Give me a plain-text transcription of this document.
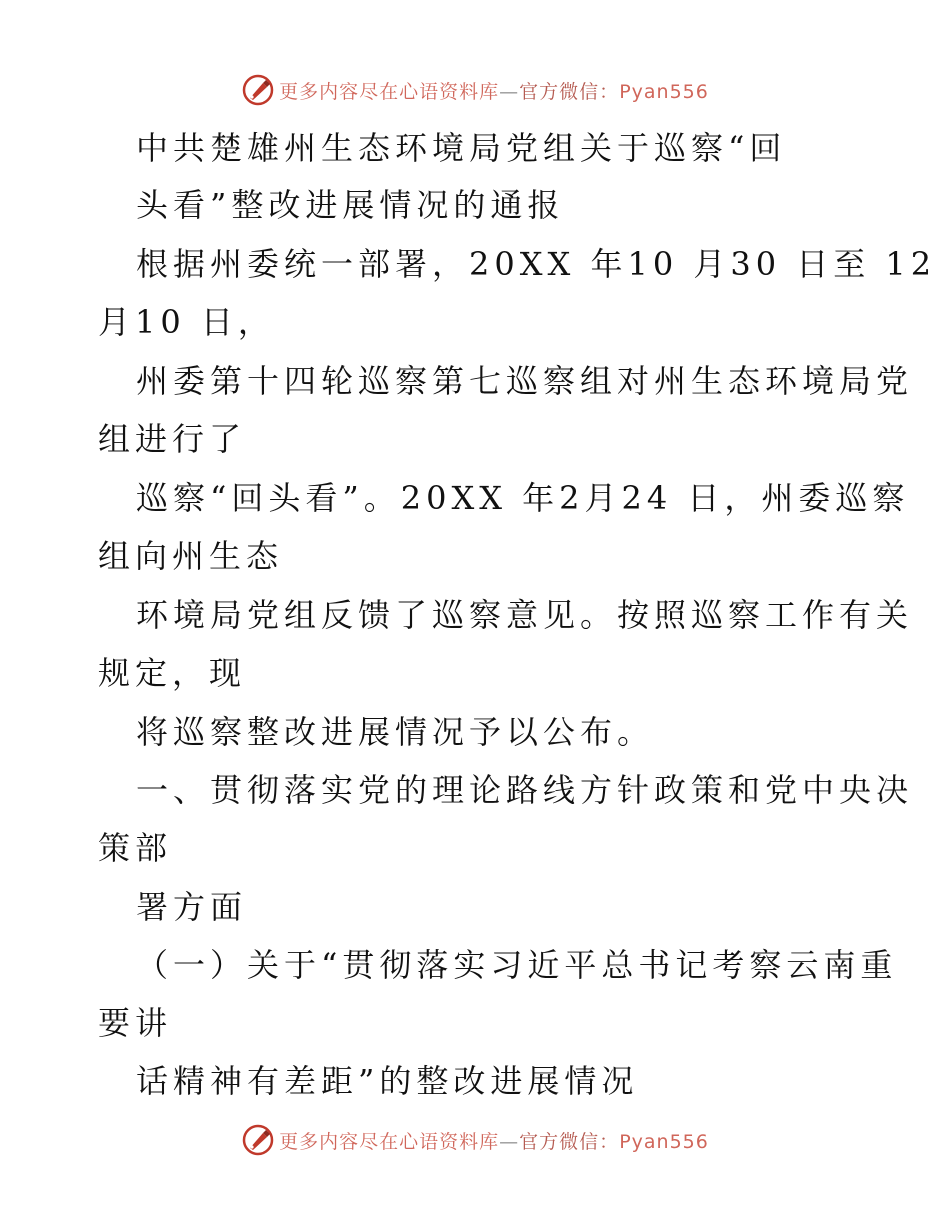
更多内容尽在心语资料库—官方微信：Pyan556
中共楚雄州生态环境局党组关于巡察“回
头看”整改进展情况的通报
根据州委统一部署，20XX 年10 月30 日至 12
月10 日，
州委第十四轮巡察第七巡察组对州生态环境局党
组进行了
巡察“回头看”。20XX 年2月24 日，州委巡察
组向州生态
环境局党组反馈了巡察意见。按照巡察工作有关
规定，现
将巡察整改进展情况予以公布。
一、贯彻落实党的理论路线方针政策和党中央决
策部
署方面
（一）关于“贯彻落实习近平总书记考察云南重
要讲
话精神有差距”的整改进展情况
更多内容尽在心语资料库—官方微信：Pyan556
